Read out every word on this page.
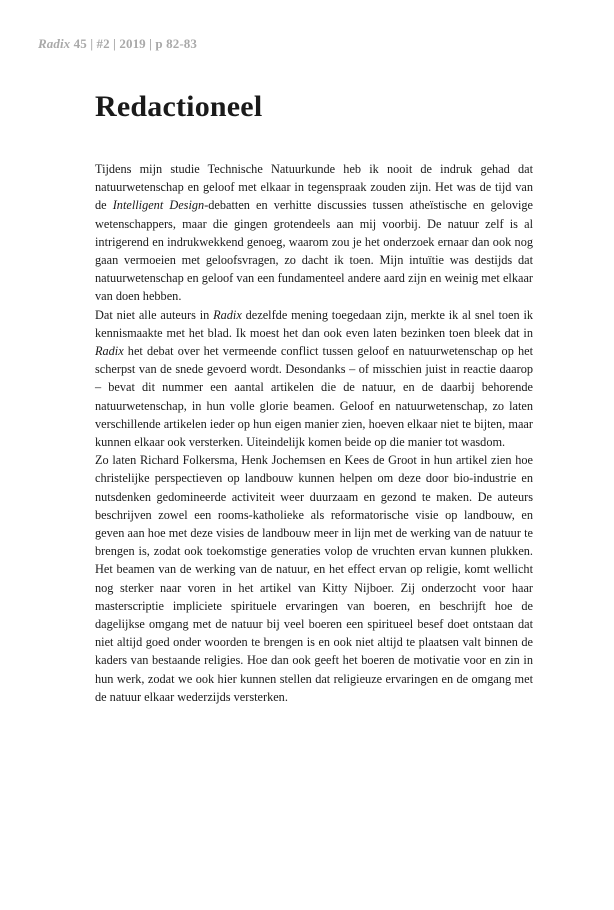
Radix 45 | #2 | 2019 | p 82-83
Redactioneel

Tijdens mijn studie Technische Natuurkunde heb ik nooit de indruk gehad dat natuurwetenschap en geloof met elkaar in tegenspraak zouden zijn. Het was de tijd van de Intelligent Design-debatten en verhitte discussies tussen atheïstische en gelovige wetenschappers, maar die gingen grotendeels aan mij voorbij. De natuur zelf is al intrigerend en indrukwekkend genoeg, waarom zou je het onderzoek ernaar dan ook nog gaan vermoeien met geloofsvragen, zo dacht ik toen. Mijn intuïtie was destijds dat natuurwetenschap en geloof van een fundamenteel andere aard zijn en weinig met elkaar van doen hebben.

Dat niet alle auteurs in Radix dezelfde mening toegedaan zijn, merkte ik al snel toen ik kennismaakte met het blad. Ik moest het dan ook even laten bezinken toen bleek dat in Radix het debat over het vermeende conflict tussen geloof en natuurwetenschap op het scherpst van de snede gevoerd wordt. Desondanks – of misschien juist in reactie daarop – bevat dit nummer een aantal artikelen die de natuur, en de daarbij behorende natuurwetenschap, in hun volle glorie beamen. Geloof en natuurwetenschap, zo laten verschillende artikelen ieder op hun eigen manier zien, hoeven elkaar niet te bijten, maar kunnen elkaar ook versterken. Uiteindelijk komen beide op die manier tot wasdom.

Zo laten Richard Folkersma, Henk Jochemsen en Kees de Groot in hun artikel zien hoe christelijke perspectieven op landbouw kunnen helpen om deze door bio-industrie en nutsdenken gedomineerde activiteit weer duurzaam en gezond te maken. De auteurs beschrijven zowel een rooms-katholieke als reformatorische visie op landbouw, en geven aan hoe met deze visies de landbouw meer in lijn met de werking van de natuur te brengen is, zodat ook toekomstige generaties volop de vruchten ervan kunnen plukken. Het beamen van de werking van de natuur, en het effect ervan op religie, komt wellicht nog sterker naar voren in het artikel van Kitty Nijboer. Zij onderzocht voor haar masterscriptie impliciete spirituele ervaringen van boeren, en beschrijft hoe de dagelijkse omgang met de natuur bij veel boeren een spiritueel besef doet ontstaan dat niet altijd goed onder woorden te brengen is en ook niet altijd te plaatsen valt binnen de kaders van bestaande religies. Hoe dan ook geeft het boeren de motivatie voor en zin in hun werk, zodat we ook hier kunnen stellen dat religieuze ervaringen en de omgang met de natuur elkaar wederzijds versterken.
